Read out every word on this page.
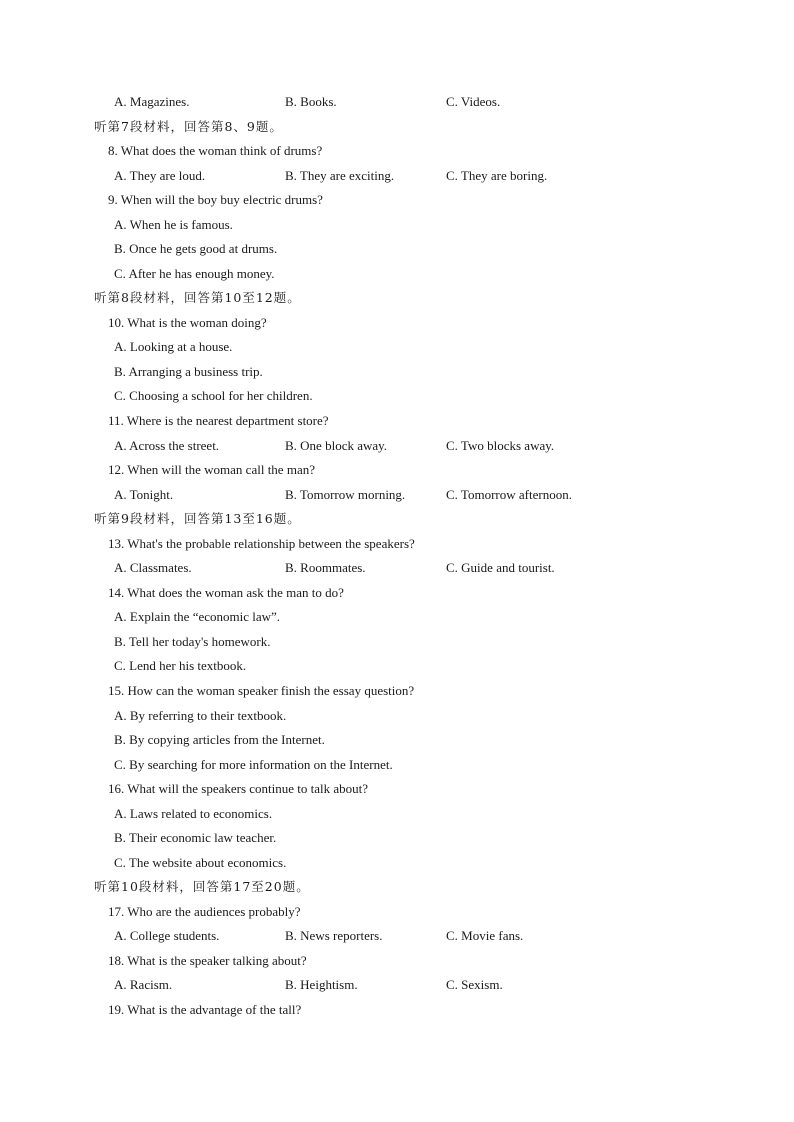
A. Magazines.	B. Books.	C. Videos.
听第7段材料，回答第8、9题。
8. What does the woman think of drums?
A. They are loud.	B. They are exciting.	C. They are boring.
9. When will the boy buy electric drums?
A. When he is famous.
B. Once he gets good at drums.
C. After he has enough money.
听第8段材料，回答第10至12题。
10. What is the woman doing?
A. Looking at a house.
B. Arranging a business trip.
C. Choosing a school for her children.
11. Where is the nearest department store?
A. Across the street.	B. One block away.	C. Two blocks away.
12. When will the woman call the man?
A. Tonight.	B. Tomorrow morning.	C. Tomorrow afternoon.
听第9段材料，回答第13至16题。
13. What's the probable relationship between the speakers?
A. Classmates.	B. Roommates.	C. Guide and tourist.
14. What does the woman ask the man to do?
A. Explain the “economic law”.
B. Tell her today's homework.
C. Lend her his textbook.
15. How can the woman speaker finish the essay question?
A. By referring to their textbook.
B. By copying articles from the Internet.
C. By searching for more information on the Internet.
16. What will the speakers continue to talk about?
A. Laws related to economics.
B. Their economic law teacher.
C. The website about economics.
听第10段材料，回答第17至20题。
17. Who are the audiences probably?
A. College students.	B. News reporters.	C. Movie fans.
18. What is the speaker talking about?
A. Racism.	B. Heightism.	C. Sexism.
19. What is the advantage of the tall?
